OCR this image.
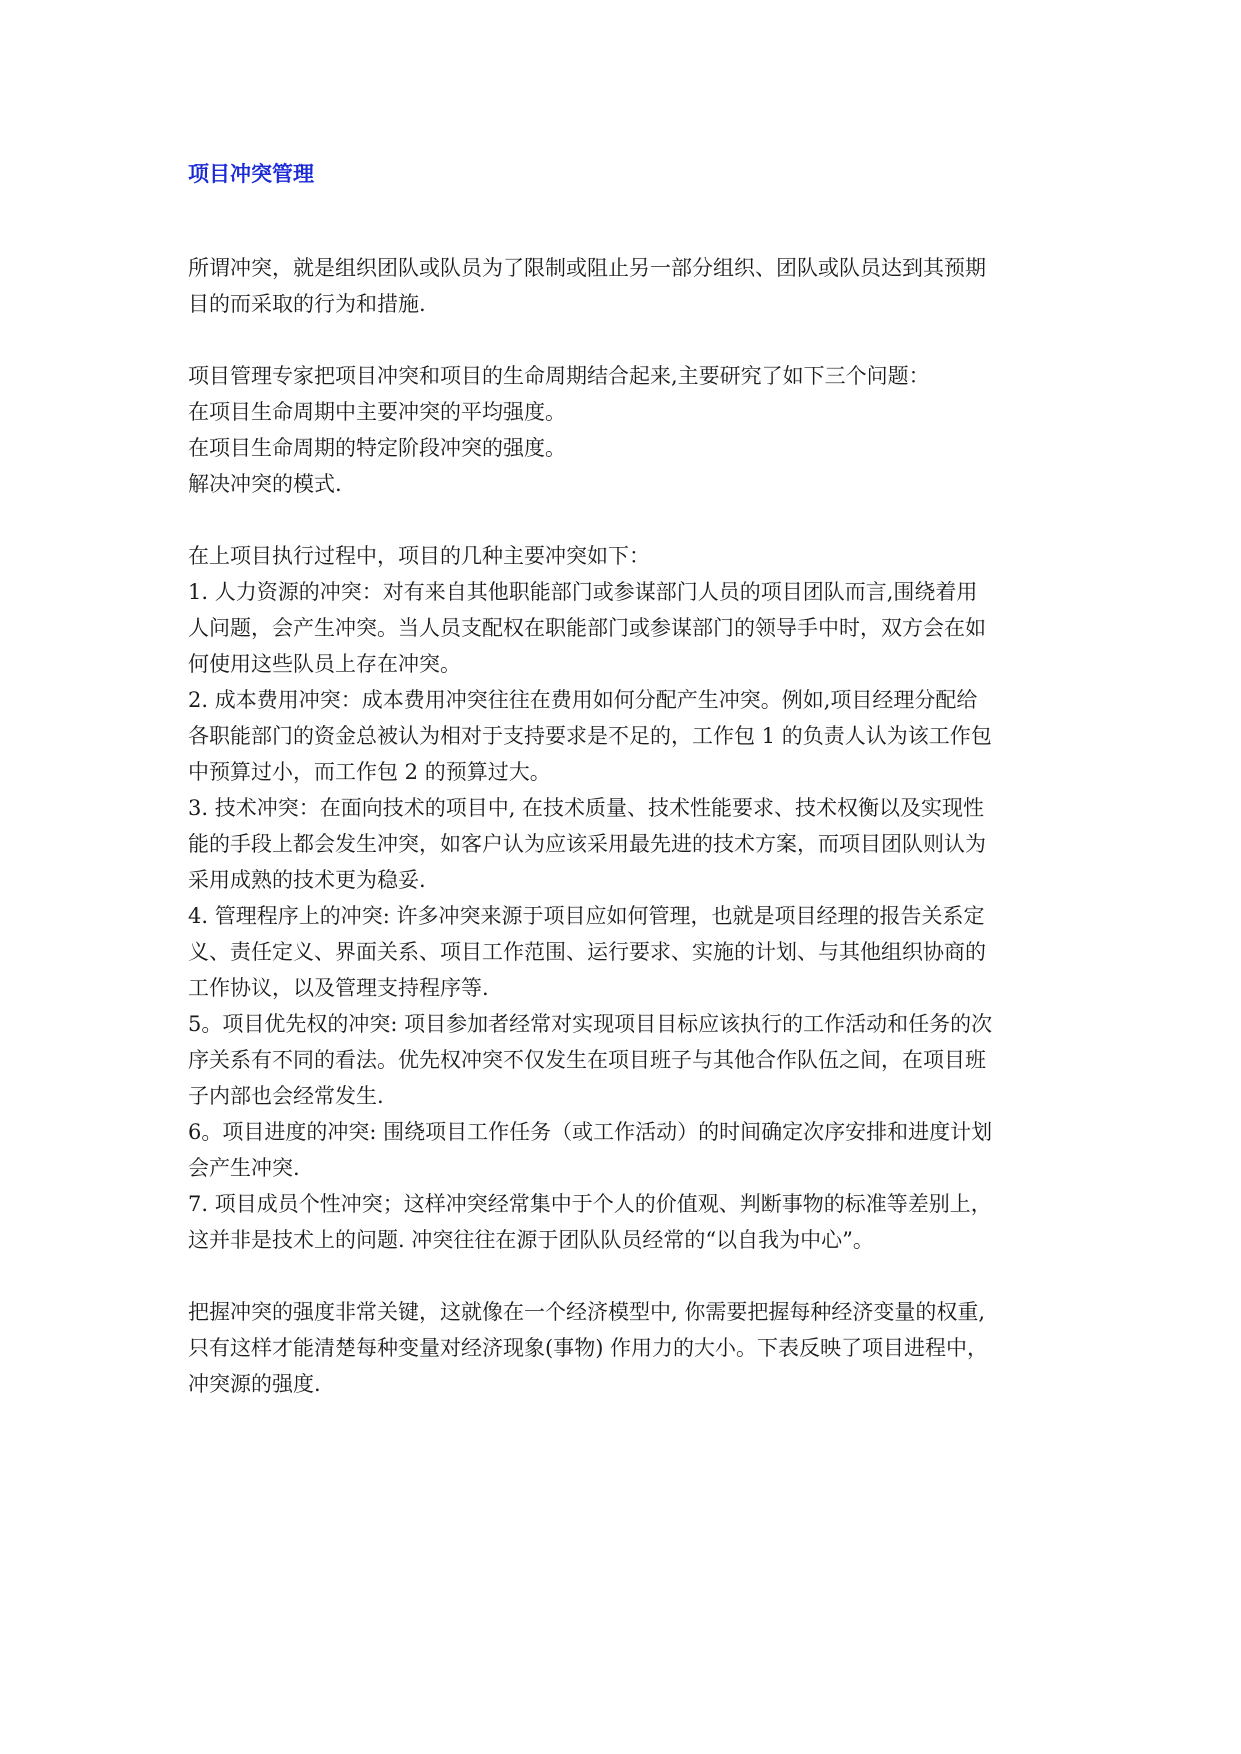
项目冲突管理
所谓冲突，就是组织团队或队员为了限制或阻止另一部分组织、团队或队员达到其预期
目的而采取的行为和措施.
项目管理专家把项目冲突和项目的生命周期结合起来,主要研究了如下三个问题：
在项目生命周期中主要冲突的平均强度。
在项目生命周期的特定阶段冲突的强度。
解决冲突的模式.
在上项目执行过程中，项目的几种主要冲突如下：
1. 人力资源的冲突：对有来自其他职能部门或参谋部门人员的项目团队而言,围绕着用
人问题，会产生冲突。当人员支配权在职能部门或参谋部门的领导手中时，双方会在如
何使用这些队员上存在冲突。
2. 成本费用冲突：成本费用冲突往往在费用如何分配产生冲突。例如,项目经理分配给
各职能部门的资金总被认为相对于支持要求是不足的，工作包 1 的负责人认为该工作包
中预算过小，而工作包 2 的预算过大。
3. 技术冲突：在面向技术的项目中, 在技术质量、技术性能要求、技术权衡以及实现性
能的手段上都会发生冲突，如客户认为应该采用最先进的技术方案，而项目团队则认为
采用成熟的技术更为稳妥.
4. 管理程序上的冲突: 许多冲突来源于项目应如何管理，也就是项目经理的报告关系定
义、责任定义、界面关系、项目工作范围、运行要求、实施的计划、与其他组织协商的
工作协议，以及管理支持程序等.
5。项目优先权的冲突: 项目参加者经常对实现项目目标应该执行的工作活动和任务的次
序关系有不同的看法。优先权冲突不仅发生在项目班子与其他合作队伍之间，在项目班
子内部也会经常发生.
6。项目进度的冲突: 围绕项目工作任务（或工作活动）的时间确定次序安排和进度计划
会产生冲突.
7. 项目成员个性冲突；这样冲突经常集中于个人的价值观、判断事物的标准等差别上，
这并非是技术上的问题. 冲突往往在源于团队队员经常的“以自我为中心”。
把握冲突的强度非常关键，这就像在一个经济模型中, 你需要把握每种经济变量的权重,
只有这样才能清楚每种变量对经济现象(事物) 作用力的大小。下表反映了项目进程中，
冲突源的强度.
